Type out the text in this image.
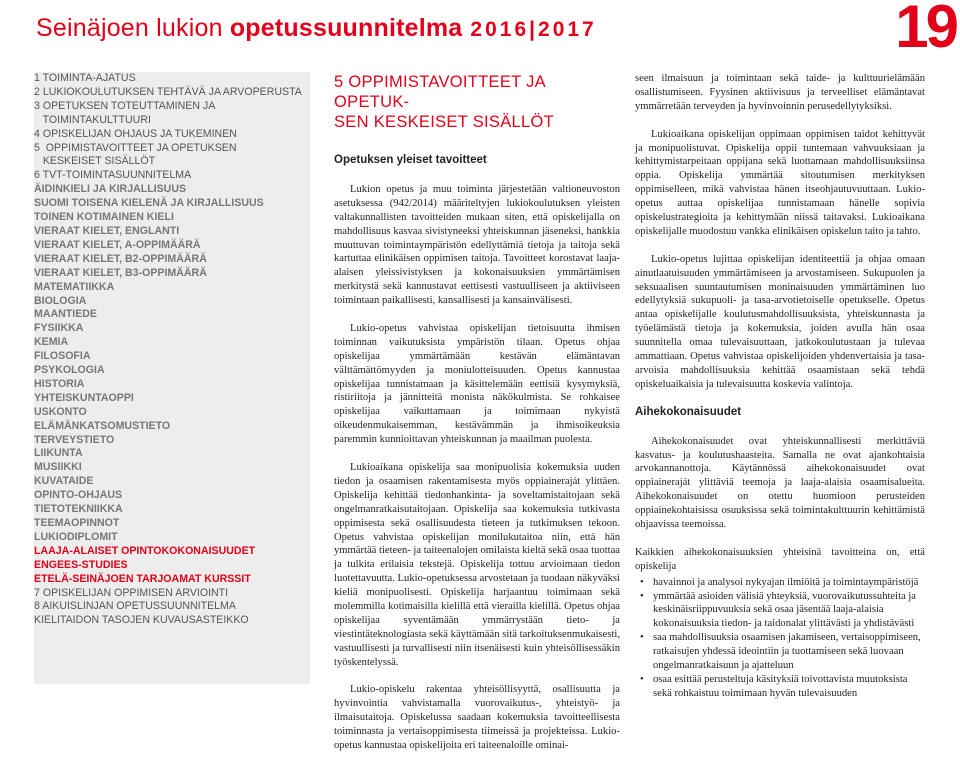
Seinäjoen lukion opetussuunnitelma 2016|2017	19
1 TOIMINTA-AJATUS
2 LUKIOKOULUTUKSEN TEHTÄVÄ JA ARVOPERUSTA
3 OPETUKSEN TOTEUTTAMINEN JA
TOIMINTAKULTTUURI
4 OPISKELIJAN OHJAUS JA TUKEMINEN
5  OPPIMISTAVOITTEET JA OPETUKSEN
KESKEISET SISÄLLÖT
6 TVT-TOIMINTASUUNNITELMA
ÄIDINKIELI JA KIRJALLISUUS
SUOMI TOISENA KIELENÄ JA KIRJALLISUUS
TOINEN KOTIMAINEN KIELI
VIERAAT KIELET, ENGLANTI
VIERAAT KIELET, A-OPPIMÄÄRÄ
VIERAAT KIELET, B2-OPPIMÄÄRÄ
VIERAAT KIELET, B3-OPPIMÄÄRÄ
MATEMATIIKKA
BIOLOGIA
MAANTIEDE
FYSIIKKA
KEMIA
FILOSOFIA
PSYKOLOGIA
HISTORIA
YHTEISKUNTAOPPI
USKONTO
ELÄMÄNKATSOMUSTIETO
TERVEYSTIETO
LIIKUNTA
MUSIIKKI
KUVATAIDE
OPINTO-OHJAUS
TIETOTEKNIIKKA
TEEMAOPINNOT
LUKIODIPLOMIT
LAAJA-ALAISET OPINTOKOKONAISUUDET
ENGEES-STUDIES
ETELÄ-SEINÄJOEN TARJOAMAT KURSSIT
7 OPISKELIJAN OPPIMISEN ARVIOINTI
8 AIKUISLINJAN OPETUSSUUNNITELMA
KIELITAIDON TASOJEN KUVAUSASTEIKKO
5 OPPIMISTAVOITTEET JA OPETUK-
SEN KESKEISET SISÄLLÖT
Opetuksen yleiset tavoitteet

Lukion opetus ja muu toiminta järjestetään valtioneuvoston asetuksessa (942/2014) määriteltyjen lukiokoulutuksen yleisten valtakunnallisten tavoitteiden mukaan siten, että opiskelijalla on mahdollisuus kasvaa sivistyneeksi yhteiskunnan jäseneksi, hankkia muuttuvan toimintaympäristön edellyttämiä tietoja ja taitoja sekä kartuttaa elinikäisen oppimisen taitoja. Tavoitteet korostavat laaja-alaisen yleissivistyksen ja kokonaisuuksien ymmärtämisen merkitystä sekä kannustavat eettisesti vastuulliseen ja aktiiviseen toimintaan paikallisesti, kansallisesti ja kansainvälisesti.

Lukio-opetus vahvistaa opiskelijan tietoisuutta ihmisen toiminnan vaikutuksista ympäristön tilaan. Opetus ohjaa opiskelijaa ymmärtämään kestävän elämäntavan välttämättömyyden ja moniulotteisuuden. Opetus kannustaa opiskelijaa tunnistamaan ja käsittelemään eettisiä kysymyksiä, ristiriitoja ja jännitteitä monista näkökulmista. Se rohkaisee opiskelijaa vaikuttamaan ja toimimaan nykyistä oikeudenmukaisemman, kestävämmän ja ihmisoikeuksia paremmin kunnioittavan yhteiskunnan ja maailman puolesta.

Lukioaikana opiskelija saa monipuolisia kokemuksia uuden tiedon ja osaamisen rakentamisesta myös oppiaineraját ylittäen. Opiskelija kehittää tiedonhankinta- ja soveltamistaitojaan sekä ongelmanratkaisutaitojaan. Opiskelija saa kokemuksia tutkivasta oppimisesta sekä osallisuudesta tieteen ja tutkimuksen tekoon. Opetus vahvistaa opiskelijan monilukutaitoa niin, että hän ymmärtää tieteen- ja taiteenalojen omilaista kieltä sekä osaa tuottaa ja tulkita erilaisia tekstejä. Opiskelija tottuu arvioimaan tiedon luotettavuutta. Lukio-opetuksessa arvostetaan ja tuodaan näkyväksi kieliä monipuolisesti. Opiskelija harjaantuu toimimaan sekä molemmilla kotimaisilla kielillä että vierailla kielillä. Opetus ohjaa opiskelijaa syventämään ymmärrystään tieto- ja viestintäteknologiasta sekä käyttämään sitä tarkoituksenmukaisesti, vastuullisesti ja turvallisesti niin itsenäisesti kuin yhteisöllisessäkin työskentelyssä.

Lukio-opiskelu rakentaa yhteisöllisyyttä, osallisuutta ja hyvinvointia vahvistamalla vuorovaikutus-, yhteistyö- ja ilmaisutaitoja. Opiskelussa saadaan kokemuksia tavoitteellisesta toiminnasta ja vertaisoppimisesta tiimeissä ja projekteissa. Lukio-opetus kannustaa opiskelijoita eri taiteenaloille ominai-

seen ilmaisuun ja toimintaan sekä taide- ja kulttuurielämään osallistumiseen. Fyysinen aktiivisuus ja terveelliset elämäntavat ymmärretään terveyden ja hyvinvoinnin perusedellytyksiksi.

Lukioaikana opiskelijan oppimaan oppimisen taidot kehittyvät ja monipuolistuvat. Opiskelija oppii tuntemaan vahvuuksiaan ja kehittymistarpeitaan oppijana sekä luottamaan mahdollisuuksiinsa oppia. Opiskelija ymmärtää sitoutumisen merkityksen oppimiselleen, mikä vahvistaa hänen itseohjautuvuuttaan. Lukio-opetus auttaa opiskelijaa tunnistamaan hänelle sopivia opiskelustrategioita ja kehittymään niissä taitavaksi. Lukioaikana opiskelijalle muodostuu vankka elinikäisen opiskelun taito ja tahto.

Lukio-opetus lujittaa opiskelijan identiteettiä ja ohjaa omaan ainutlaatuisuuden ymmärtämiseen ja arvostamiseen. Sukupuolen ja seksuaalisen suuntautumisen moninaisuuden ymmärtäminen luo edellytyksiä sukupuoli- ja tasa-arvotietoiselle opetukselle. Opetus antaa opiskelijalle koulutusmahdollisuuksista, yhteiskunnasta ja työelämästä tietoja ja kokemuksia, joiden avulla hän osaa suunnitella omaa tulevaisuuttaan, jatkokoulutustaan ja tulevaa ammattiaan. Opetus vahvistaa opiskelijoiden yhdenvertaisia ja tasa-arvoisia mahdollisuuksia kehittää osaamistaan sekä tehdä opiskeluaikaisia ja tulevaisuutta koskevia valintoja.

Aihekokonaisuudet

Aihekokonaisuudet ovat yhteiskunnallisesti merkittäviä kasvatus- ja koulutushaasteita. Samalla ne ovat ajankohtaisia arvokannanottoja. Käytännössä aihekokonaisuudet ovat oppiaineraját ylittäviä teemoja ja laaja-alaisia osaamisalueita. Aihekokonaisuudet on otettu huomioon perusteiden oppiainekohtaisissa osuuksissa sekä toimintakulttuurin kehittämistä ohjaavissa teemoissa.

Kaikkien aihekokonaisuuksien yhteisinä tavoitteina on, että opiskelija

• havainnoi ja analysoi nykyajan ilmiöitä ja toimintaympäristöjä
• ymmärtää asioiden välisiä yhteyksiä, vuorovaikutussuhteita ja keskinäisriippuvuuksia sekä osaa jäsentää laaja-alaisia kokonaisuuksia tiedon- ja taidonalat ylittävästi ja yhdistävästi
• saa mahdollisuuksia osaamisen jakamiseen, vertaisoppimiseen, ratkaisujen yhdessä ideointiin ja tuottamiseen sekä luovaan ongelmanratkaisuun ja ajatteluun
• osaa esittää perusteltuja käsityksiä toivottavista muutoksista sekä rohkaistuu toimimaan hyvän tulevaisuuden
